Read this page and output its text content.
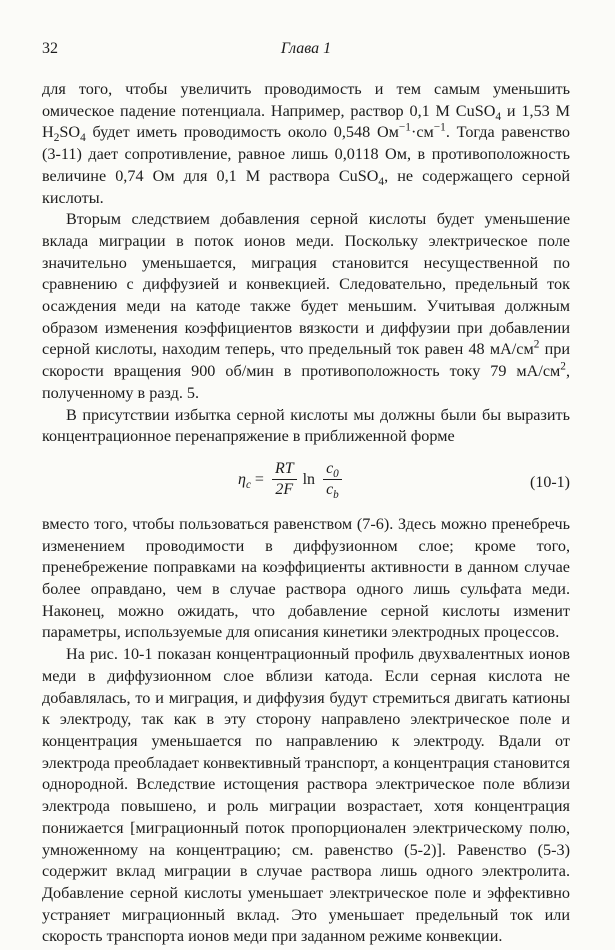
32	Глава 1

для того, чтобы увеличить проводимость и тем самым уменьшить омическое падение потенциала. Например, раствор 0,1 М CuSO$_4$ и 1,53 М $H_2SO_4$ будет иметь проводимость около 0,548 $Ом^{-1}\cdot см^{-1}$. Тогда равенство (3-11) дает сопротивление, равное лишь 0,0118 Ом, в противоположность величине 0,74 Ом для 0,1 М раствора CuSO$_4$, не содержащего серной кислоты.

Вторым следствием добавления серной кислоты будет уменьшение вклада миграции в поток ионов меди. Поскольку электрическое поле значительно уменьшается, миграция становится несущественной по сравнению с диффузией и конвекцией. Следовательно, предельный ток осаждения меди на катоде также будет меньшим. Учитывая должным образом изменения коэффициентов вязкости и диффузии при добавлении серной кислоты, находим теперь, что предельный ток равен 48 $мА/см^2$ при скорости вращения 900 об/мин в противоположность току 79 $мА/см^2$, полученному в разд. 5.

В присутствии избытка серной кислоты мы должны были бы выразить концентрационное перенапряжение в приближенной форме

$\eta_c = \frac{RT}{2F}$ $\ln \frac{c_0}{c_b}$	(10-1)

вместо того, чтобы пользоваться равенством (7-6). Здесь можно пренебречь изменением проводимости в диффузионном слое; кроме того, пренебрежение поправками на коэффициенты активности в данном случае более оправдано, чем в случае раствора одного лишь сульфата меди. Наконец, можно ожидать, что добавление серной кислоты изменит параметры, используемые для описания кинетики электродных процессов.

На рис. 10-1 показан концентрационный профиль двухвалентных ионов меди в диффузионном слое вблизи катода. Если серная кислота не добавлялась, то и миграция, и диффузия будут стремиться двигать катионы к электроду, так как в эту сторону направлено электрическое поле и концентрация уменьшается по направлению к электроду. Вдали от электрода преобладает конвективный транспорт, а концентрация становится однородной. Вследствие истощения раствора электрическое поле вблизи электрода повышено, и роль миграции возрастает, хотя концентрация понижается [миграционный поток пропорционален электрическому полю, умноженному на концентрацию; см. равенство (5-2)]. Равенство (5-3) содержит вклад миграции в случае раствора лишь одного электролита. Добавление серной кислоты уменьшает электрическое поле и эффективно устраняет миграционный вклад. Это уменьшает предельный ток или скорость транспорта ионов меди при заданном режиме конвекции.
